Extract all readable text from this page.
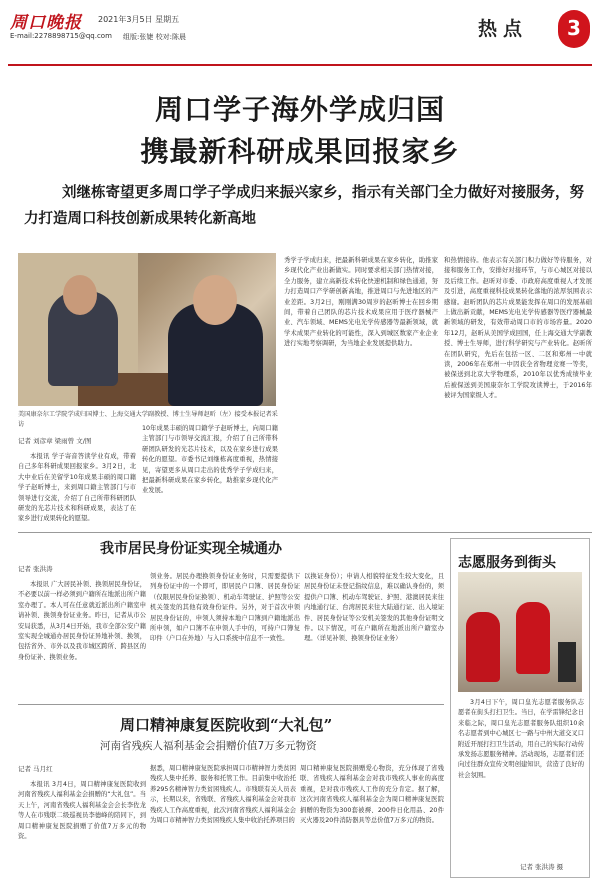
周口晚报 2021年3月5日 星期五
E-mail:2278898715@qq.com 组版:张婕 校对:陈晨	热点	3
周口学子海外学成归国
携最新科研成果回报家乡
刘继栋寄望更多周口学子学成归来振兴家乡，指示有关部门全力做好对接服务，努力打造周口科技创新成果转化新高地
美国康奈尔工学院学成归国博士、上海交通大学副教授、博士生导师赵昕（左）接受本报记者采访
记者 刘彦章 梁雨曾 文/图
本报讯 学子寄音答读学业有成，带着自己多年科研成果回报家乡。3月2日，北大中业后在美留学10年成果丰硕的周口籍学子赵昕博士，来到周口籍主管部门与市领导进行交流，介绍了自己所带科研团队研发的光芯片技术和科研成果，表达了在家乡进行成果转化的愿望。
10年成果丰硕的周口籍学子赵昕博士，向周口籍主管部门与市领导交流汇报，介绍了自己所带科研团队研发的光芯片技术，以及在家乡进行成果转化的愿望。市委书记刘继栋高度重视，热情接见，寄望更多从周口走出的优秀学子学成归来，把最新科研成果在家乡转化，助推家乡现代化产业发展。
秀学子学成归来，把最新科研成果在家乡转化，助推家乡现代化产业出新做实。同时要求相关部门热情对接，全力服务，建立高新技术转化快速机制和绿色通道，努力打造周口产学研创新高地，推进周口与先进地区的产业差距。3月2日，刚刚满30周岁的赵昕博士在回乡期间，带着自己团队的芯片技术成果应用于医疗器械产业、汽车领域、MEMS光电光学传感器等最新领域，就学术成果产业转化的可能性，深入到城区数家产业企业进行实地考察调研，为当地企业发展提供助力。
和热情接待。他表示有关部门积力做好等待服务，对接和服务工作，安排好对接环节，与市心城区对接以及后续工作。赵昕对市委、市政府高度重视人才发展及引进，高度重视科技成果转化落地的浓厚氛围表示感谢。赵昕团队的芯片成果能发挥在周口的发展基础上做出新贡献，MEMS光电光学传感器等医疗器械最新领域的研发，有效带动周口市的市场容量。2020年12月，赵昕从美国学成回国，任上海交通大学副教授、博士生导师，进行科学研究与产业转化。赵昕所在团队研究，先后在包括一区、二区和郑州一中就读，2006年在郑州一中因获全省物理竞赛一等奖，被保送到北京大学物理系，2010年以优秀成绩毕业后被保送到美国康奈尔工学院攻读博士，于2016年被评为国家级人才。
我市居民身份证实现全城通办
记者 张洪涛
本报讯 广大居民补领、换领居民身份证，不必要以前一样必须到户籍所在地派出所户籍室办理了。本人可在任意就近派出所户籍室申请补领、换领身份证业务。昨日，记者从市公安局获悉，从3月4日开始，我市全部公安户籍室实现全城通办居民身份证异地补领、换领，包括省外、市外以及我市城区跨所、跨县区的身份证补、换领业务。
领业务。居民办理换领身份证业务时，只需要提供下列身份证中的一个即可，即居民户口簿、居民身份证（仅限居民身份证换领）、机动车驾驶证、护照等公安机关签发的其他有效身份证件。另外，对于首次申领居民身份证的，申领人须持本地户口簿到户籍地派出所申领，如户口簿不在申领人手中的，可持户口簿复印件（户口在外地）与入口系统中信息不一致性。
以换证身份）；申请人相貌特征发生较大变化，且居民身份证未登记指纹信息，难以确认身份的，须提供户口簿、机动车驾驶证、护照、港澳居民来往内地通行证、台湾居民来往大陆通行证、出入境证件、居民身份证等公安机关签发的其他身份证明文件。以下情况，可在户籍所在地派出所户籍室办理。（详见补领、换领身份证业务）
周口精神康复医院收到“大礼包”
河南省残疾人福利基金会捐赠价值7万多元物资
记者 马月红
本报讯 3月4日，周口精神康复医院收到河南省残疾人福利基金会捐赠的“大礼包”。当天上午，河南省残疾人福利基金会会长李佐龙等人在市残联二级巡视员李德峰的陪同下，到周口精神康复医院捐赠了价值7万多元的物资。
据悉，周口精神康复医院承担周口市精神智力类贫困残疾人集中托养、服务和托管工作。目前集中收治托养295名精神智力类贫困残疾人。市残联有关人员表示，长期以来，省残联、省残疾人福利基金会对我市残疾人工作高度重视，此次河南省残疾人福利基金会为周口市精神智力类贫困残疾人集中收治托养项目的
周口精神康复医院捐赠爱心物资，充分体现了省残联、省残疾人福利基金会对我市残疾人事业的高度重视，是对我市残疾人工作的充分肯定。据了解，这次河南省残疾人福利基金会为周口精神康复医院捐赠的物资为300套被褥、200件日化用品、20件灭火器及20件消防器具等总价值7万多元的物资。
志愿服务到街头
3月4日下午，周口皇光志愿者服务队志愿者在街头打扫卫生。当日，在学雷锋纪念日来临之际，周口皇光志愿者服务队组织10余名志愿者到中心城区七一路与中州大道交叉口附近开展打扫卫生活动，用自己的实际行动传承发扬志愿服务精神。活动现场，志愿者们还向过往群众宣传文明创建知识，营造了良好的社会氛围。
记者 张洪涛 摄
